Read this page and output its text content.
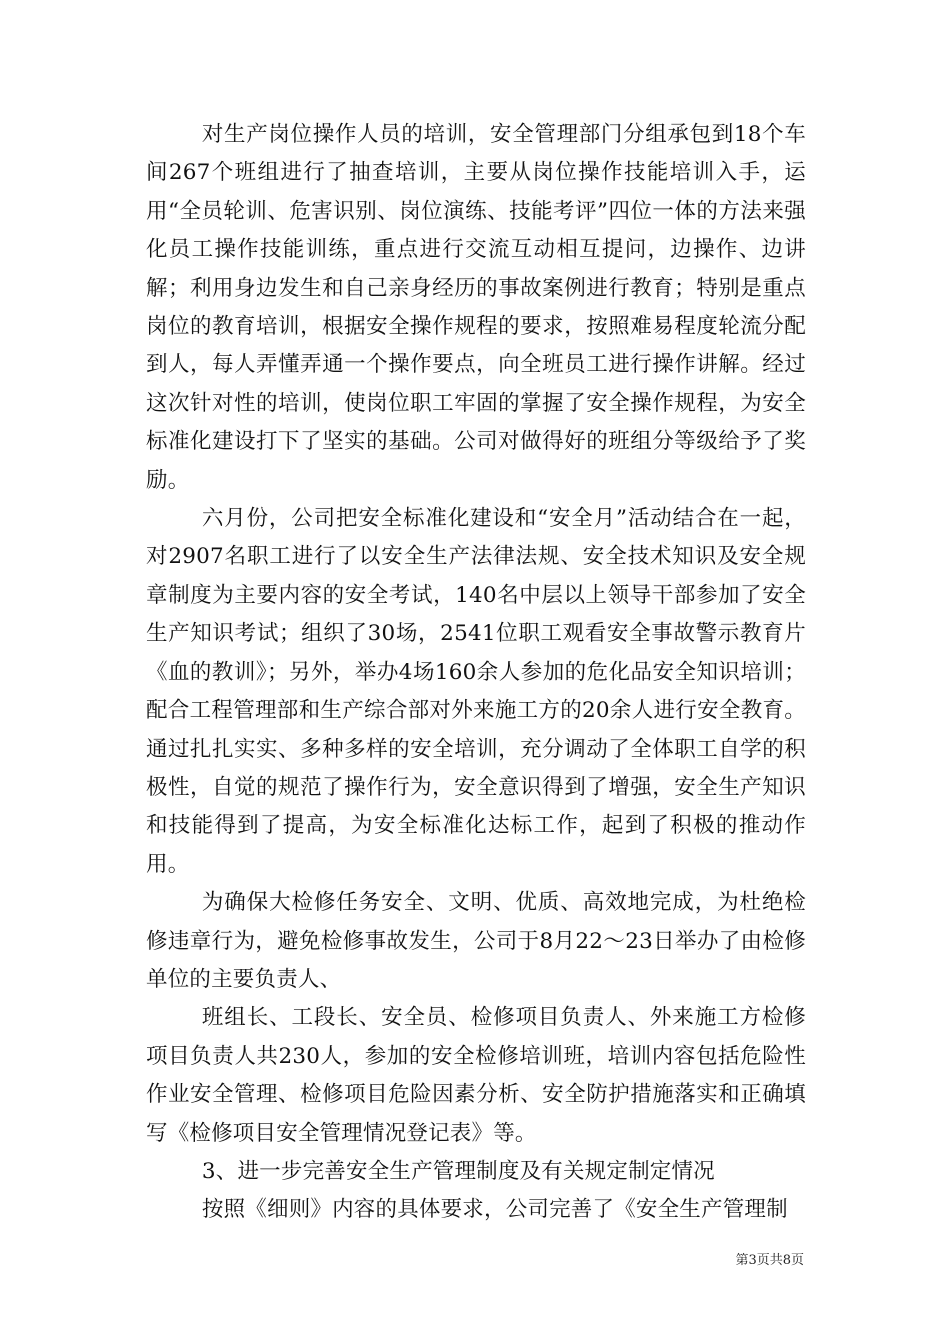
对生产岗位操作人员的培训，安全管理部门分组承包到18个车间267个班组进行了抽查培训，主要从岗位操作技能培训入手，运用“全员轮训、危害识别、岗位演练、技能考评”四位一体的方法来强化员工操作技能训练，重点进行交流互动相互提问，边操作、边讲解；利用身边发生和自己亲身经历的事故案例进行教育；特别是重点岗位的教育培训，根据安全操作规程的要求，按照难易程度轮流分配到人，每人弄懂弄通一个操作要点，向全班员工进行操作讲解。经过这次针对性的培训，使岗位职工牢固的掌握了安全操作规程，为安全标准化建设打下了坚实的基础。公司对做得好的班组分等级给予了奖励。

六月份，公司把安全标准化建设和“安全月”活动结合在一起，对2907名职工进行了以安全生产法律法规、安全技术知识及安全规章制度为主要内容的安全考试，140名中层以上领导干部参加了安全生产知识考试；组织了30场，2541位职工观看安全事故警示教育片《血的教训》；另外，举办4场160余人参加的危化品安全知识培训；配合工程管理部和生产综合部对外来施工方的20余人进行安全教育。通过扎扎实实、多种多样的安全培训，充分调动了全体职工自学的积极性，自觉的规范了操作行为，安全意识得到了增强，安全生产知识和技能得到了提高，为安全标准化达标工作，起到了积极的推动作用。

为确保大检修任务安全、文明、优质、高效地完成，为杜绝检修违章行为，避免检修事故发生，公司于8月22～23日举办了由检修单位的主要负责人、

班组长、工段长、安全员、检修项目负责人、外来施工方检修项目负责人共230人，参加的安全检修培训班，培训内容包括危险性作业安全管理、检修项目危险因素分析、安全防护措施落实和正确填写《检修项目安全管理情况登记表》等。

3、进一步完善安全生产管理制度及有关规定制定情况

按照《细则》内容的具体要求，公司完善了《安全生产管理制

第3页共8页
